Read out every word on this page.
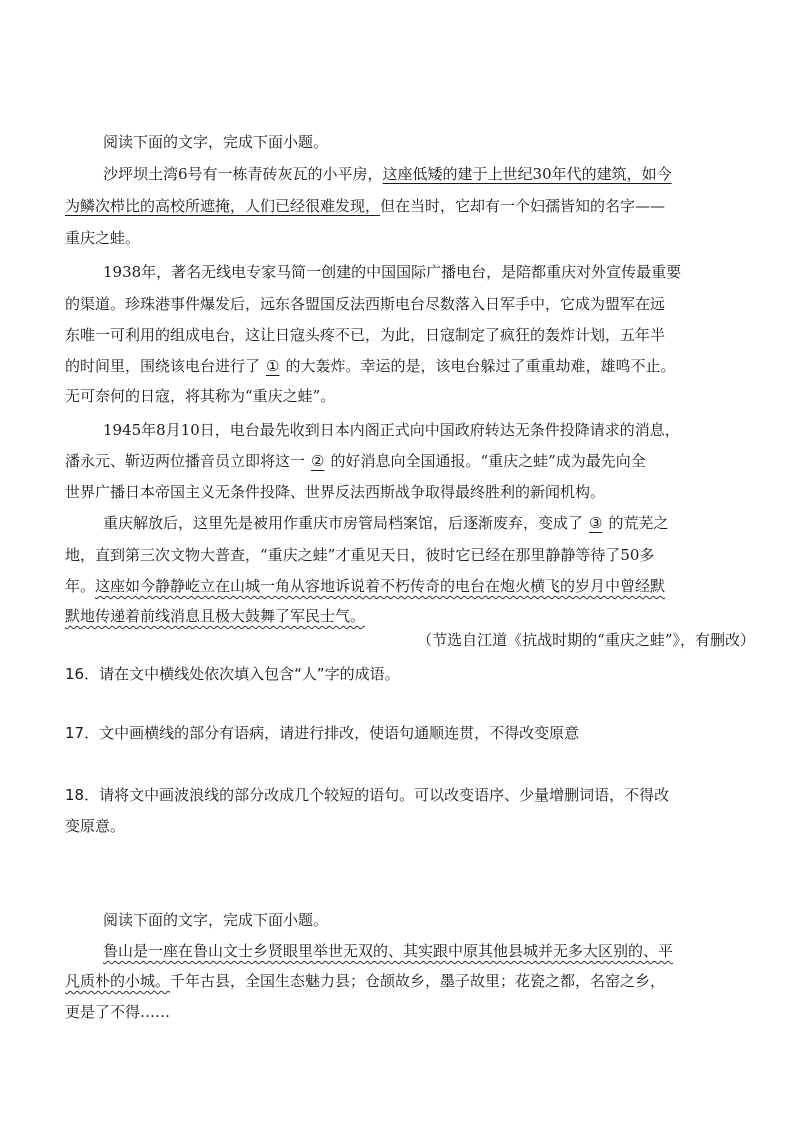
阅读下面的文字，完成下面小题。
沙坪坝土湾6号有一栋青砖灰瓦的小平房，这座低矮的建于上世纪30年代的建筑，如今
为鳞次栉比的高校所遮掩，人们已经很难发现，但在当时，它却有一个妇孺皆知的名字——
重庆之蛙。
1938年，著名无线电专家马简一创建的中国国际广播电台，是陪都重庆对外宣传最重要
的渠道。珍珠港事件爆发后，远东各盟国反法西斯电台尽数落入日军手中，它成为盟军在远
东唯一可利用的组成电台，这让日寇头疼不已，为此，日寇制定了疯狂的轰炸计划，五年半
的时间里，围绕该电台进行了 ① 的大轰炸。幸运的是，该电台躲过了重重劫难，雄鸣不止。
无可奈何的日寇，将其称为“重庆之蛙”。
1945年8月10日，电台最先收到日本内阁正式向中国政府转达无条件投降请求的消息，
潘永元、靳迈两位播音员立即将这一 ② 的好消息向全国通报。“重庆之蛙”成为最先向全
世界广播日本帝国主义无条件投降、世界反法西斯战争取得最终胜利的新闻机构。
重庆解放后，这里先是被用作重庆市房管局档案馆，后逐渐废弃，变成了 ③ 的荒芜之
地，直到第三次文物大普查，“重庆之蛙”才重见天日，彼时它已经在那里静静等待了50多
年。这座如今静静屹立在山城一角从容地诉说着不朽传奇的电台在炮火横飞的岁月中曾经默
默地传递着前线消息且极大鼓舞了军民士气。
（节选自江道《抗战时期的“重庆之蛙”》，有删改）
16．请在文中横线处依次填入包含“人”字的成语。
17．文中画横线的部分有语病，请进行排改，使语句通顺连贯，不得改变原意
18．请将文中画波浪线的部分改成几个较短的语句。可以改变语序、少量增删词语，不得改
变原意。
阅读下面的文字，完成下面小题。
鲁山是一座在鲁山文士乡贤眼里举世无双的、其实跟中原其他县城并无多大区别的、平
凡质朴的小城。千年古县，全国生态魅力县；仓颉故乡，墨子故里；花瓷之都，名窑之乡，
更是了不得……
